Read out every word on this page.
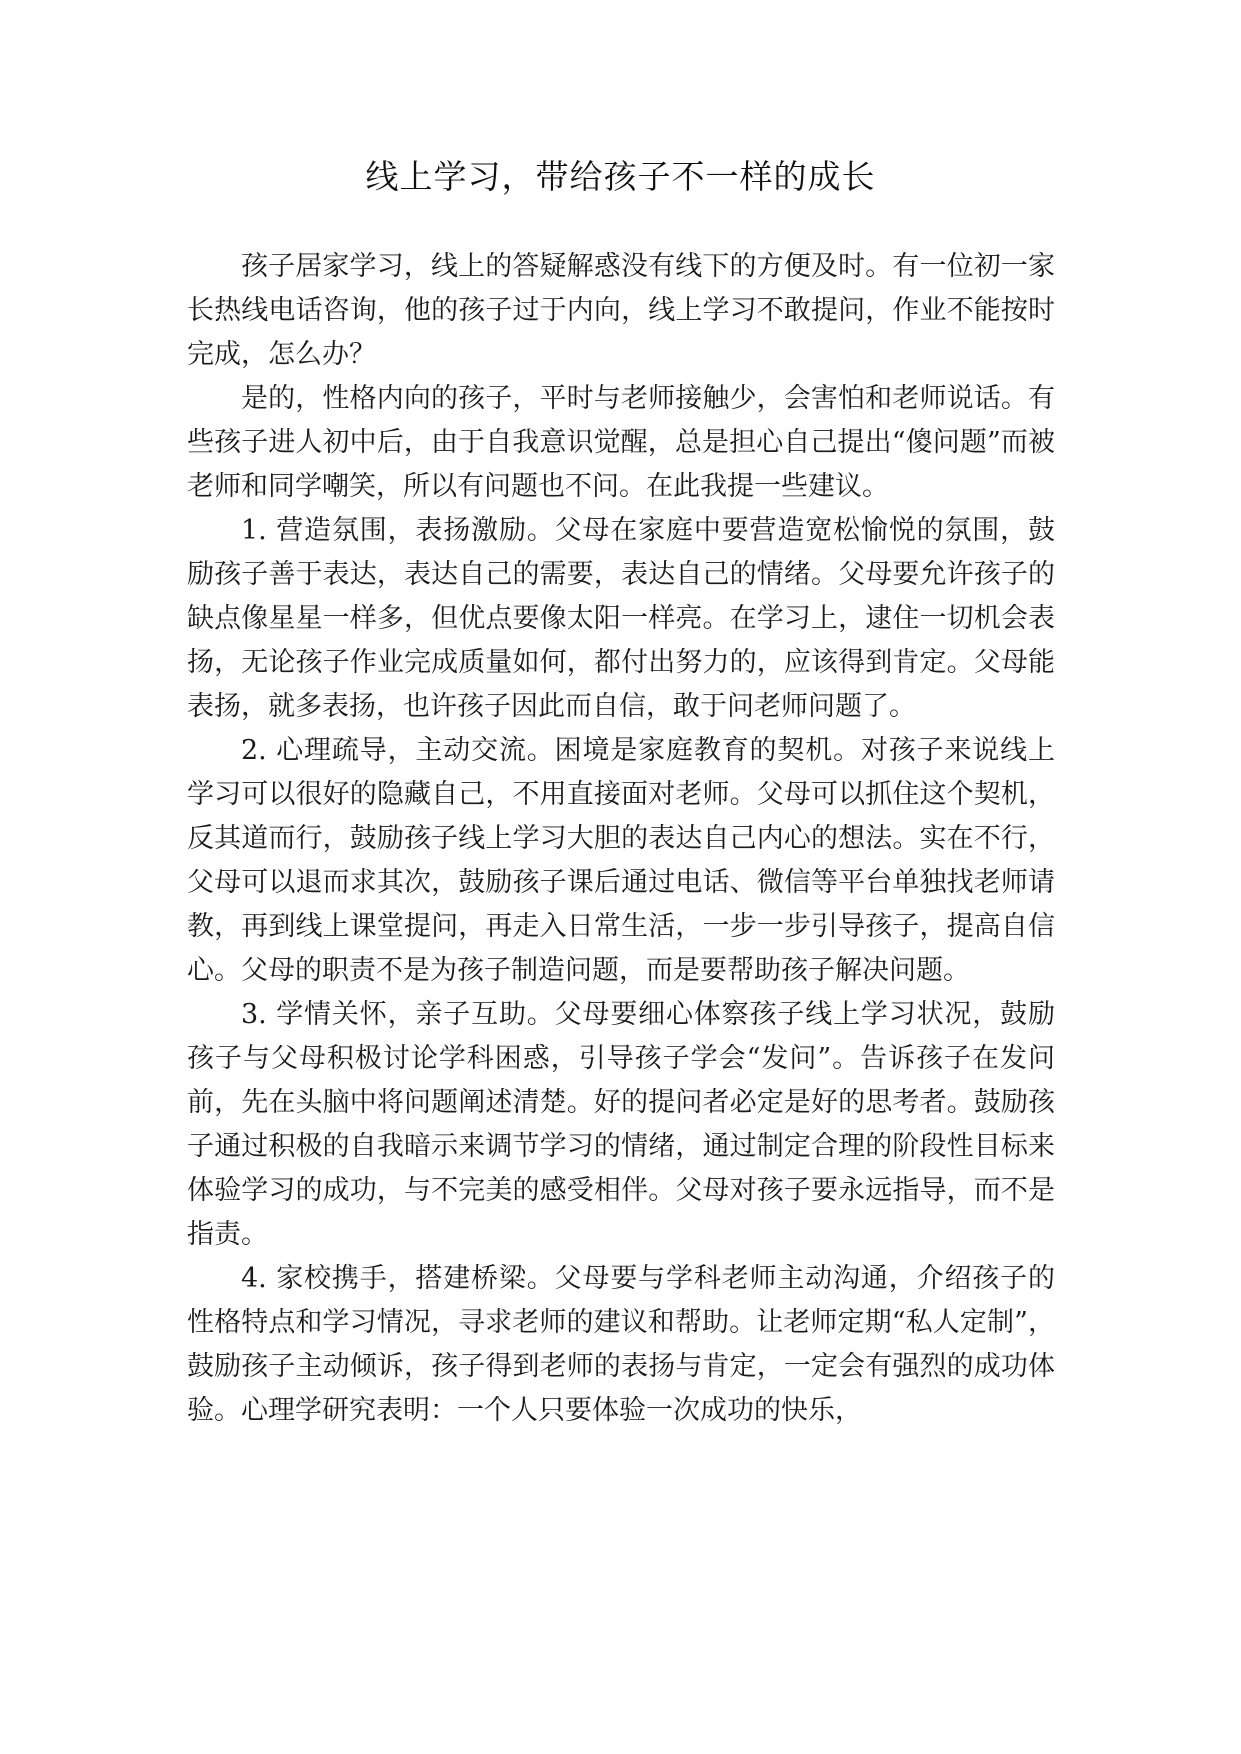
线上学习，带给孩子不一样的成长

孩子居家学习，线上的答疑解惑没有线下的方便及时。有一位初一家长热线电话咨询，他的孩子过于内向，线上学习不敢提问，作业不能按时完成，怎么办？

是的，性格内向的孩子，平时与老师接触少，会害怕和老师说话。有些孩子进人初中后，由于自我意识觉醒，总是担心自己提出“傻问题”而被老师和同学嘲笑，所以有问题也不问。在此我提一些建议。

1. 营造氛围，表扬激励。父母在家庭中要营造宽松愉悦的氛围，鼓励孩子善于表达，表达自己的需要，表达自己的情绪。父母要允许孩子的缺点像星星一样多，但优点要像太阳一样亮。在学习上，逮住一切机会表扬，无论孩子作业完成质量如何，都付出努力的，应该得到肯定。父母能表扬，就多表扬，也许孩子因此而自信，敢于问老师问题了。

2. 心理疏导，主动交流。困境是家庭教育的契机。对孩子来说线上学习可以很好的隐藏自己，不用直接面对老师。父母可以抓住这个契机，反其道而行，鼓励孩子线上学习大胆的表达自己内心的想法。实在不行，父母可以退而求其次，鼓励孩子课后通过电话、微信等平台单独找老师请教，再到线上课堂提问，再走入日常生活，一步一步引导孩子，提高自信心。父母的职责不是为孩子制造问题，而是要帮助孩子解决问题。

3. 学情关怀，亲子互助。父母要细心体察孩子线上学习状况，鼓励孩子与父母积极讨论学科困惑，引导孩子学会“发问”。告诉孩子在发问前，先在头脑中将问题阐述清楚。好的提问者必定是好的思考者。鼓励孩子通过积极的自我暗示来调节学习的情绪，通过制定合理的阶段性目标来体验学习的成功，与不完美的感受相伴。父母对孩子要永远指导，而不是指责。

4. 家校携手，搭建桥梁。父母要与学科老师主动沟通，介绍孩子的性格特点和学习情况，寻求老师的建议和帮助。让老师定期“私人定制”，鼓励孩子主动倾诉，孩子得到老师的表扬与肯定，一定会有强烈的成功体验。心理学研究表明：一个人只要体验一次成功的快乐，
